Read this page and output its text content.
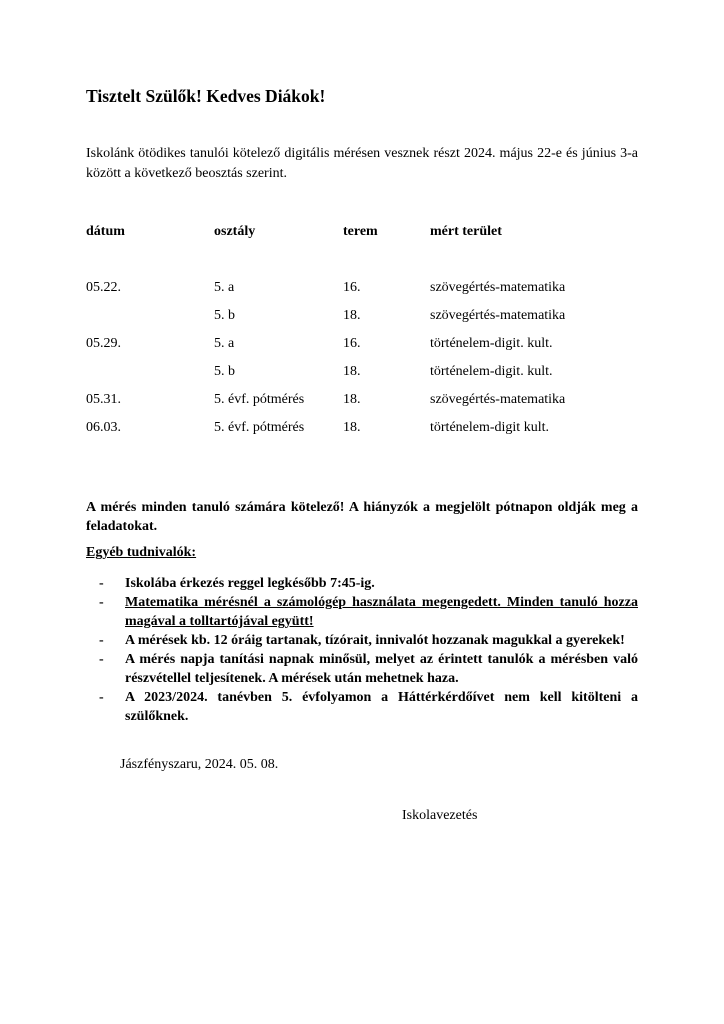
Tisztelt Szülők! Kedves Diákok!

Iskolánk ötödikes tanulói kötelező digitális mérésen vesznek részt 2024. május 22-e és június 3-a között a következő beosztás szerint.

dátum	osztály	terem	mért terület

05.22.	5. a	16.	szövegértés-matematika
	5. b	18.	szövegértés-matematika
05.29.	5. a	16.	történelem-digit. kult.
	5. b	18.	történelem-digit. kult.
05.31.	5. évf. pótmérés	18.	szövegértés-matematika
06.03.	5. évf. pótmérés	18.	történelem-digit kult.

A mérés minden tanuló számára kötelező! A hiányzók a megjelölt pótnapon oldják meg a feladatokat.

Egyéb tudnivalók:

- Iskolába érkezés reggel legkésőbb 7:45-ig.
- Matematika mérésnél a számológép használata megengedett. Minden tanuló hozza magával a tolltartójával együtt!
- A mérések kb. 12 óráig tartanak, tízórait, innivalót hozzanak magukkal a gyerekek!
- A mérés napja tanítási napnak minősül, melyet az érintett tanulók a mérésben való részvétellel teljesítenek. A mérések után mehetnek haza.
- A 2023/2024. tanévben 5. évfolyamon a Háttérkérdőívet nem kell kitölteni a szülőknek.

Jászfényszaru, 2024. 05. 08.

Iskolavezetés
